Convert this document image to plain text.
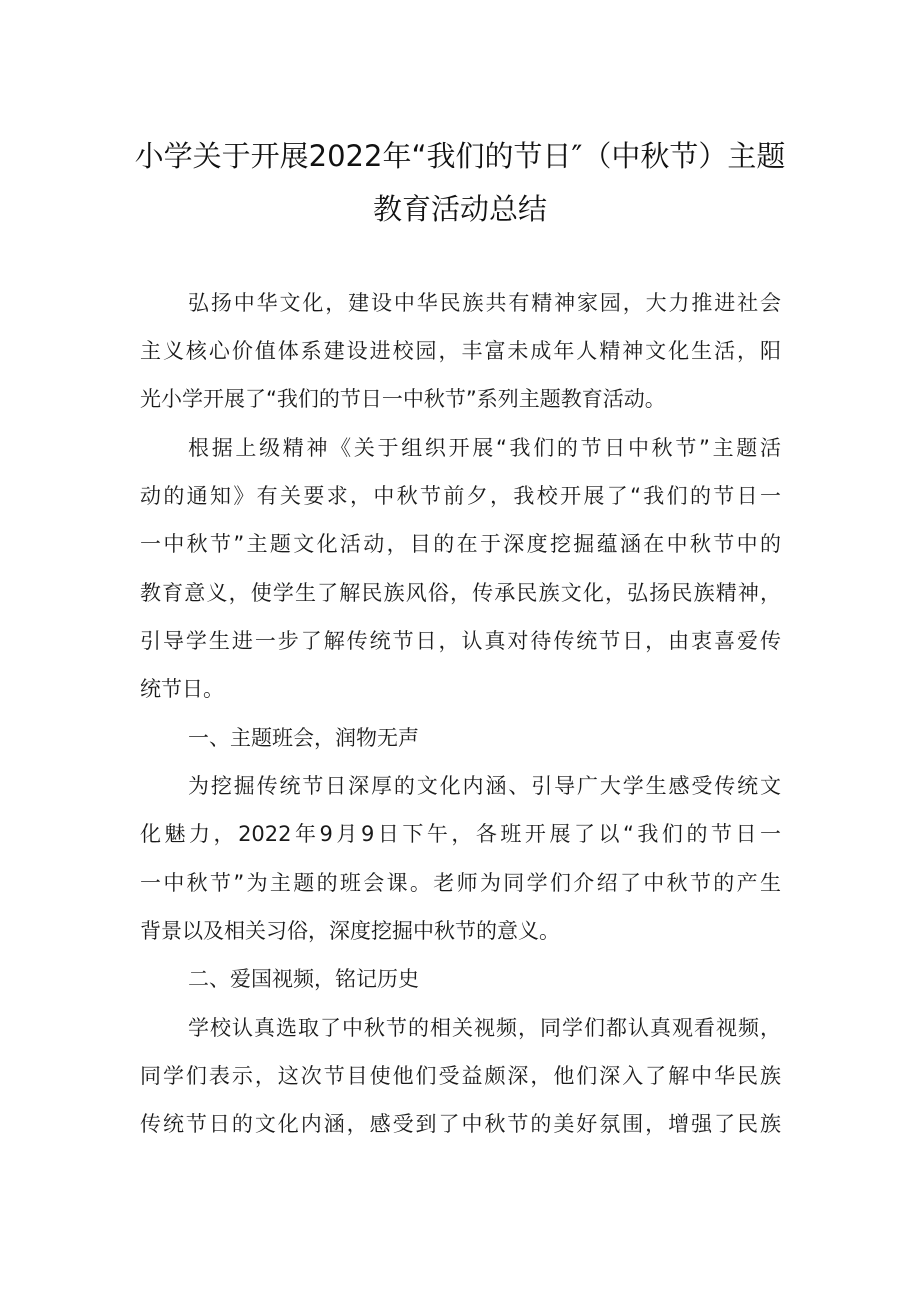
小学关于开展2022年“我们的节日″（中秋节）主题
教育活动总结
弘扬中华文化，建设中华民族共有精神家园，大力推进社会
主义核心价值体系建设进校园，丰富未成年人精神文化生活，阳
光小学开展了“我们的节日一中秋节”系列主题教育活动。
根据上级精神《关于组织开展“我们的节日中秋节”主题活
动的通知》有关要求，中秋节前夕，我校开展了“我们的节日一
一中秋节”主题文化活动，目的在于深度挖掘蕴涵在中秋节中的
教育意义，使学生了解民族风俗，传承民族文化，弘扬民族精神，
引导学生进一步了解传统节日，认真对待传统节日，由衷喜爱传
统节日。
一、主题班会，润物无声
为挖掘传统节日深厚的文化内涵、引导广大学生感受传统文
化魅力，2022年9月9日下午，各班开展了以“我们的节日一
一中秋节”为主题的班会课。老师为同学们介绍了中秋节的产生
背景以及相关习俗，深度挖掘中秋节的意义。
二、爱国视频，铭记历史
学校认真选取了中秋节的相关视频，同学们都认真观看视频，
同学们表示，这次节目使他们受益颇深，他们深入了解中华民族
传统节日的文化内涵，感受到了中秋节的美好氛围，增强了民族
